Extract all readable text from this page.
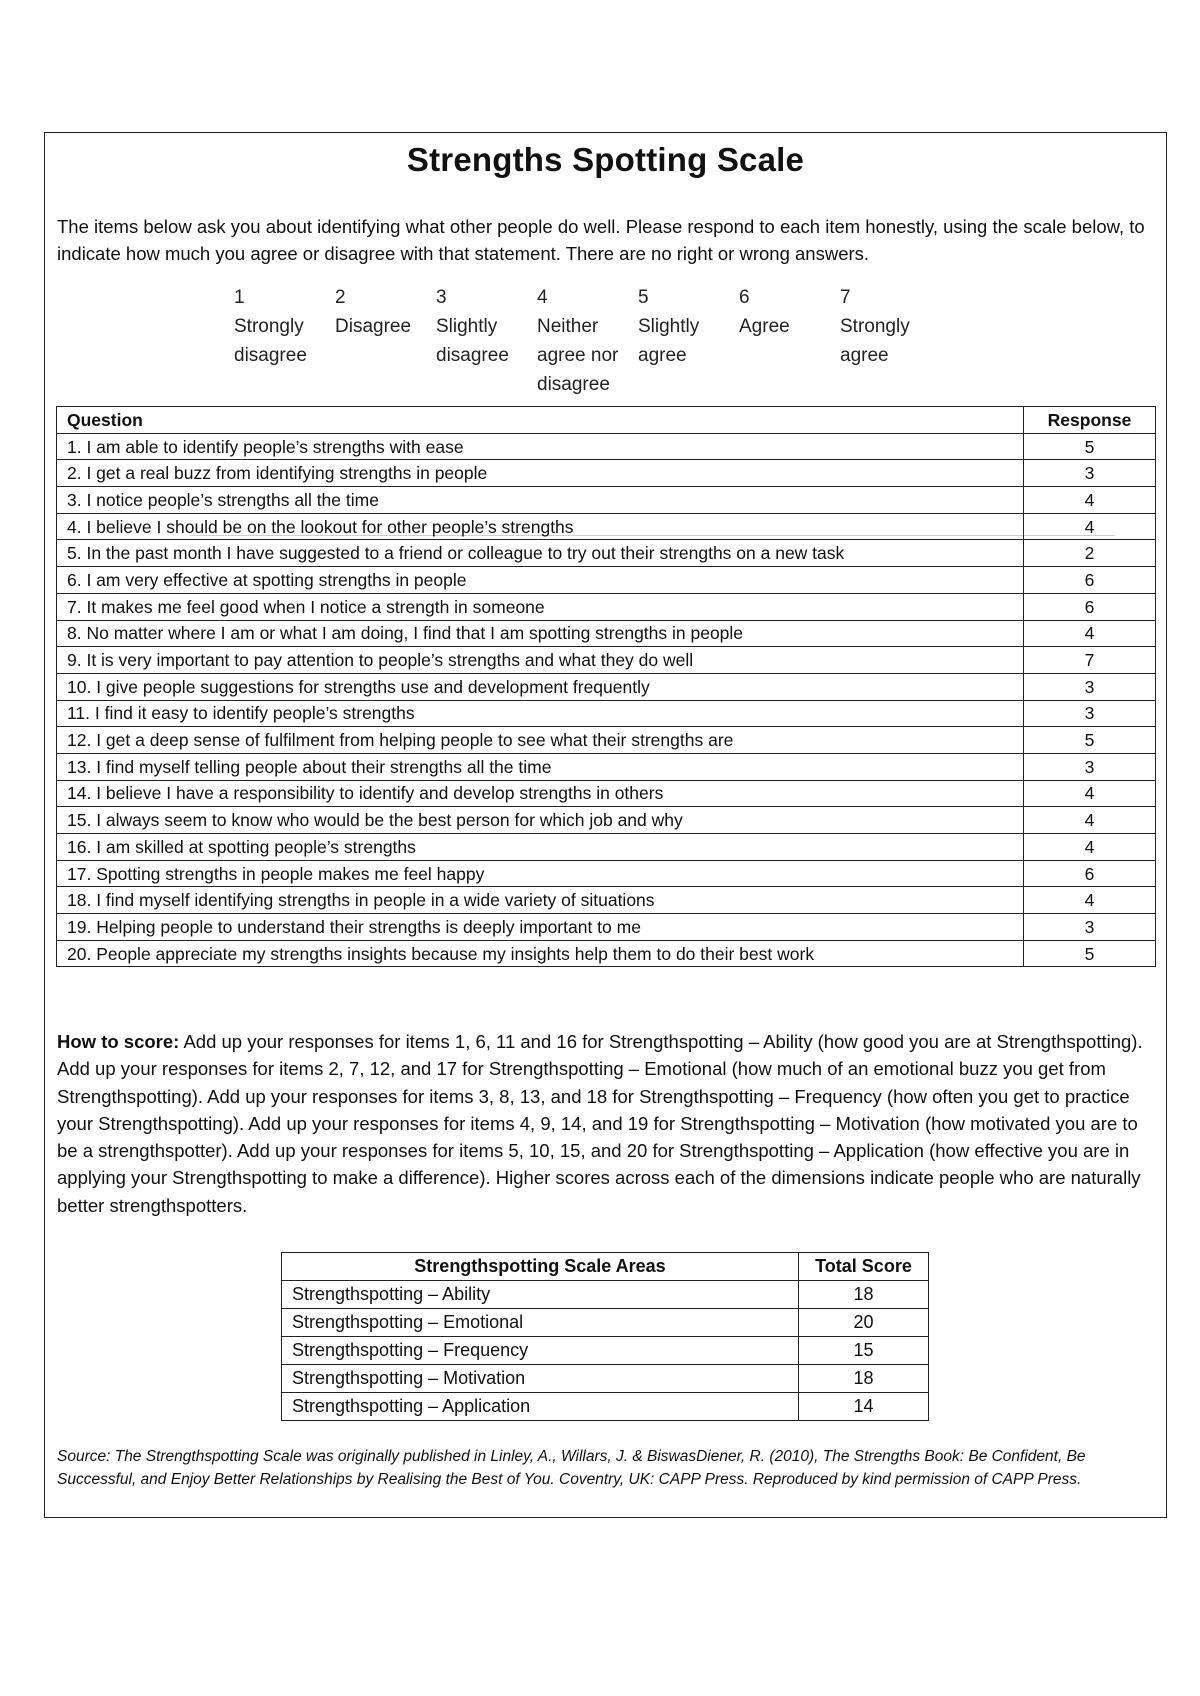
Strengths Spotting Scale
The items below ask you about identifying what other people do well. Please respond to each item honestly, using the scale below, to indicate how much you agree or disagree with that statement. There are no right or wrong answers.
1
Strongly disagree
2
Disagree
3
Slightly disagree
4
Neither agree nor disagree
5
Slightly agree
6
Agree
7
Strongly agree
Question	Response
1. I am able to identify people’s strengths with ease	5
2. I get a real buzz from identifying strengths in people	3
3. I notice people’s strengths all the time	4
4. I believe I should be on the lookout for other people’s strengths	4
5. In the past month I have suggested to a friend or colleague to try out their strengths on a new task	2
6. I am very effective at spotting strengths in people	6
7. It makes me feel good when I notice a strength in someone	6
8. No matter where I am or what I am doing, I find that I am spotting strengths in people	4
9. It is very important to pay attention to people’s strengths and what they do well	7
10. I give people suggestions for strengths use and development frequently	3
11. I find it easy to identify people’s strengths	3
12. I get a deep sense of fulfilment from helping people to see what their strengths are	5
13. I find myself telling people about their strengths all the time	3
14. I believe I have a responsibility to identify and develop strengths in others	4
15. I always seem to know who would be the best person for which job and why	4
16. I am skilled at spotting people’s strengths	4
17. Spotting strengths in people makes me feel happy	6
18. I find myself identifying strengths in people in a wide variety of situations	4
19. Helping people to understand their strengths is deeply important to me	3
20. People appreciate my strengths insights because my insights help them to do their best work	5
How to score: Add up your responses for items 1, 6, 11 and 16 for Strengthspotting – Ability (how good you are at Strengthspotting). Add up your responses for items 2, 7, 12, and 17 for Strengthspotting – Emotional (how much of an emotional buzz you get from Strengthspotting). Add up your responses for items 3, 8, 13, and 18 for Strengthspotting – Frequency (how often you get to practice your Strengthspotting). Add up your responses for items 4, 9, 14, and 19 for Strengthspotting – Motivation (how motivated you are to be a strengthspotter). Add up your responses for items 5, 10, 15, and 20 for Strengthspotting – Application (how effective you are in applying your Strengthspotting to make a difference). Higher scores across each of the dimensions indicate people who are naturally better strengthspotters.
Strengthspotting Scale Areas	Total Score
Strengthspotting – Ability	18
Strengthspotting – Emotional	20
Strengthspotting – Frequency	15
Strengthspotting – Motivation	18
Strengthspotting – Application	14
Source: The Strengthspotting Scale was originally published in Linley, A., Willars, J. & BiswasDiener, R. (2010), The Strengths Book: Be Confident, Be Successful, and Enjoy Better Relationships by Realising the Best of You. Coventry, UK: CAPP Press. Reproduced by kind permission of CAPP Press.
